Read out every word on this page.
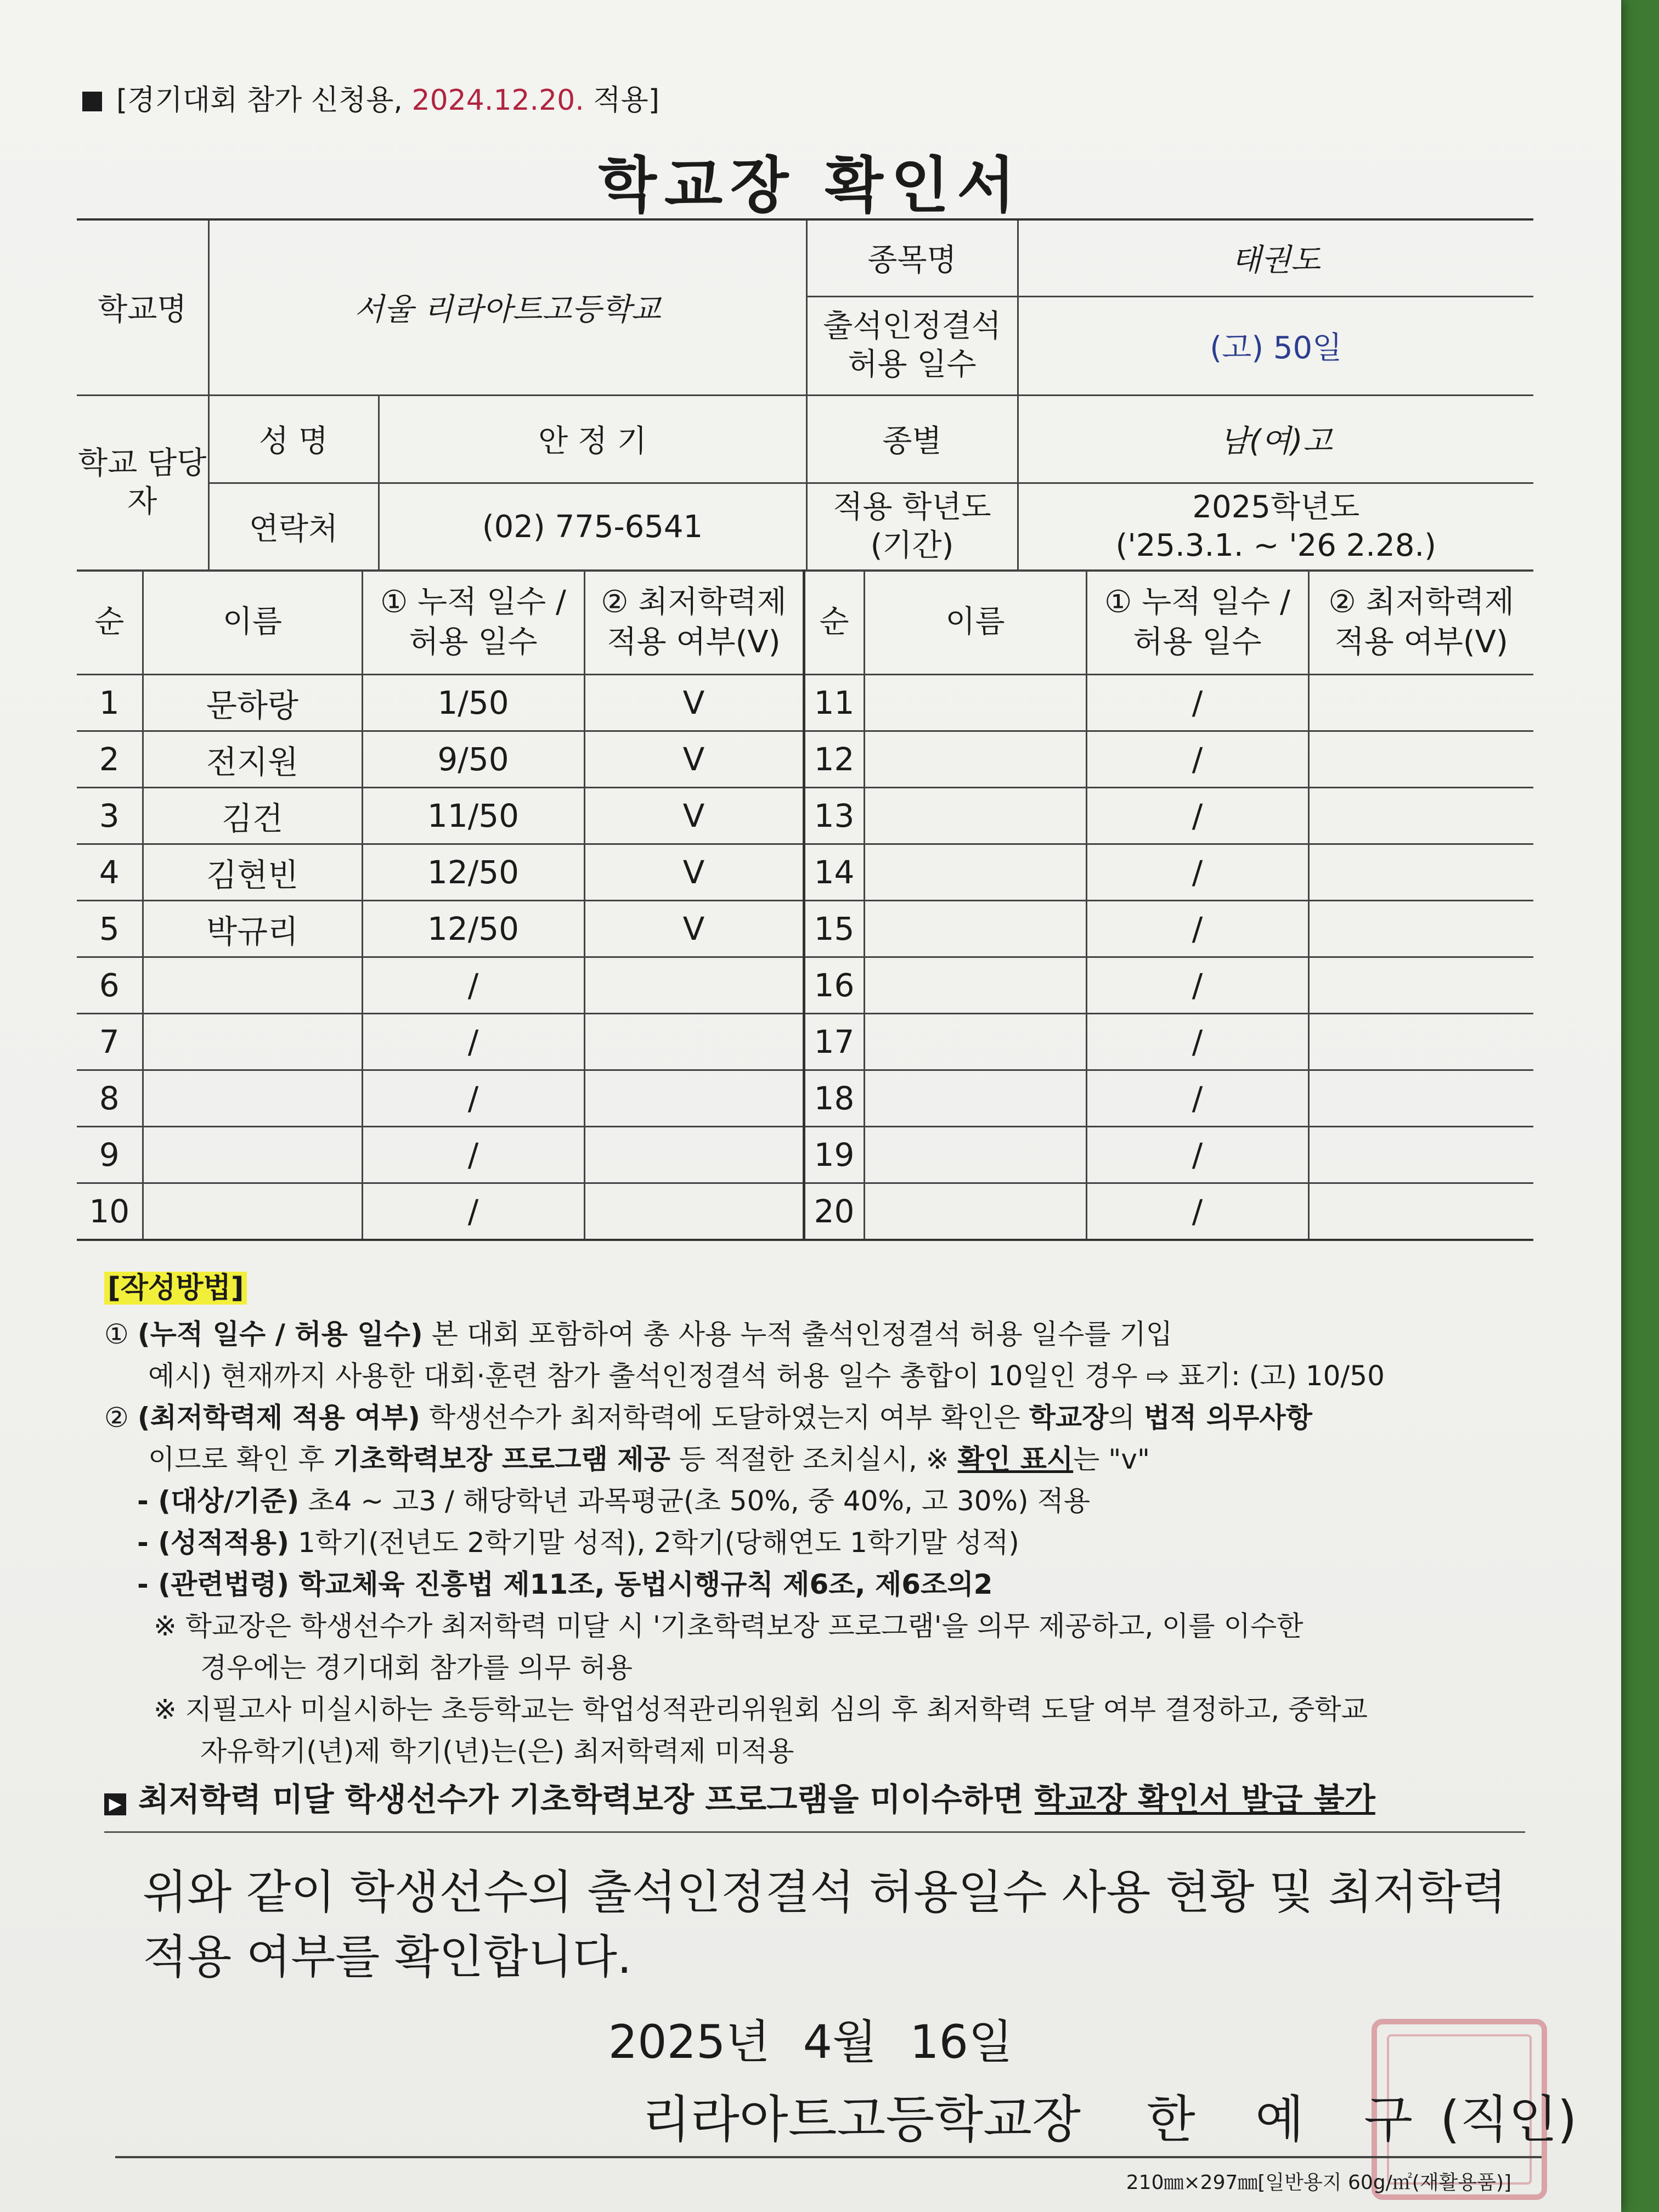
[경기대회 참가 신청용, 2024.12.20. 적용]
학교장 확인서
학교명	서울 리라아트고등학교		종목명	태권도
			출석인정결석 허용 일수	(고) 50일
학교 담당자	성 명	안 정 기	종별	남(여)고
	연락처	(02) 775-6541	적용 학년도 (기간)	2025학년도
('25.3.1. ~ '26 2.28.)
순	이름	① 누적 일수 / 허용 일수	② 최저학력제 적용 여부(V)	순	이름	① 누적 일수 / 허용 일수	② 최저학력제 적용 여부(V)
1	문하랑	1/50	V	11		/	
2	전지원	9/50	V	12		/	
3	김건	11/50	V	13		/	
4	김현빈	12/50	V	14		/	
5	박규리	12/50	V	15		/	
6		/		16		/	
7		/		17		/	
8		/		18		/	
9		/		19		/	
10		/		20		/	
[작성방법]
① (누적 일수 / 허용 일수) 본 대회 포함하여 총 사용 누적 출석인정결석 허용 일수를 기입
예시) 현재까지 사용한 대회·훈련 참가 출석인정결석 허용 일수 총합이 10일인 경우 ⇨ 표기: (고) 10/50
② (최저학력제 적용 여부) 학생선수가 최저학력에 도달하였는지 여부 확인은 학교장의 법적 의무사항
이므로 확인 후 기초학력보장 프로그램 제공 등 적절한 조치실시, ※ 확인 표시는 "v"
- (대상/기준) 초4 ~ 고3 / 해당학년 과목평균(초 50%, 중 40%, 고 30%) 적용
- (성적적용) 1학기(전년도 2학기말 성적), 2학기(당해연도 1학기말 성적)
- (관련법령) 학교체육 진흥법 제11조, 동법시행규칙 제6조, 제6조의2
※ 학교장은 학생선수가 최저학력 미달 시 '기초학력보장 프로그램'을 의무 제공하고, 이를 이수한
경우에는 경기대회 참가를 의무 허용
※ 지필고사 미실시하는 초등학교는 학업성적관리위원회 심의 후 최저학력 도달 여부 결정하고, 중학교
자유학기(년)제 학기(년)는(은) 최저학력제 미적용
▶ 최저학력 미달 학생선수가 기초학력보장 프로그램을 미이수하면 학교장 확인서 발급 불가
위와 같이 학생선수의 출석인정결석 허용일수 사용 현황 및 최저학력
적용 여부를 확인합니다.
2025년 4월 16일
리라아트고등학교장 한 예 구 (직인)
210㎜×297㎜[일반용지 60g/㎡(재활용품)]
